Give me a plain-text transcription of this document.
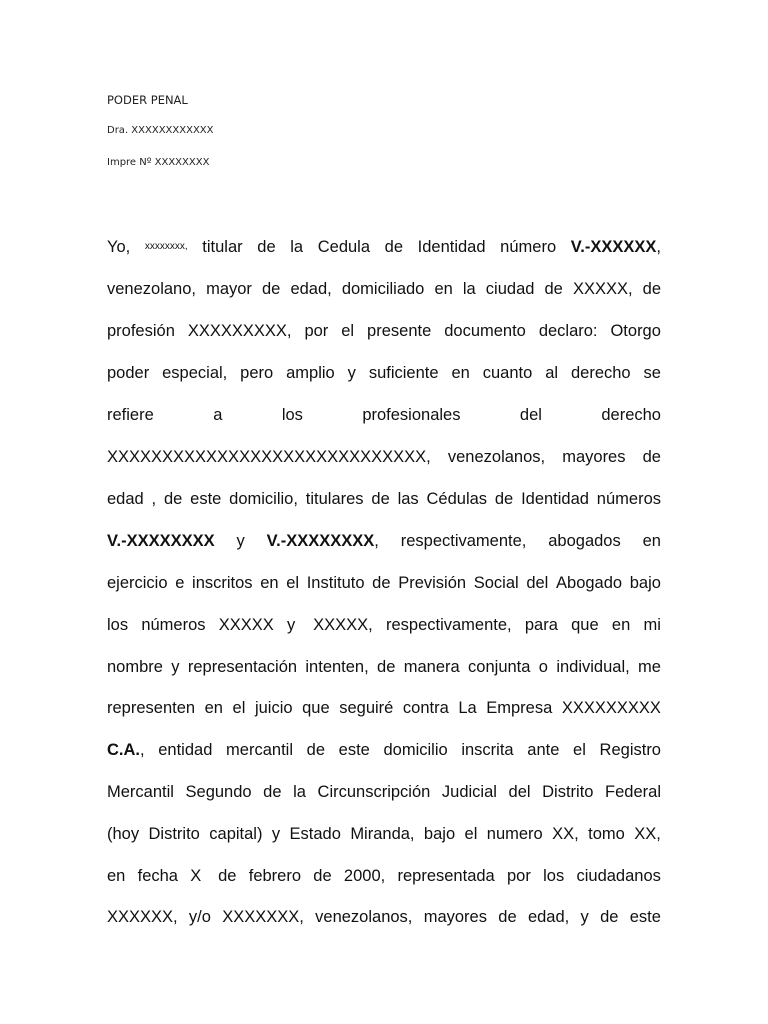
PODER PENAL
Dra. XXXXXXXXXXXX
Impre Nº XXXXXXXX
Yo, xxxxxxxx, titular de la Cedula de Identidad número V.-XXXXXX,
venezolano, mayor de edad, domiciliado en la ciudad de XXXXX, de
profesión XXXXXXXXX, por el presente documento declaro: Otorgo
poder especial, pero amplio y suficiente en cuanto al derecho se
refiere	a	los	profesionales	del	derecho
XXXXXXXXXXXXXXXXXXXXXXXXXXXXX, venezolanos, mayores de
edad , de este domicilio, titulares de las Cédulas de Identidad números
V.-XXXXXXXX y V.-XXXXXXXX, respectivamente, abogados en
ejercicio e inscritos en el Instituto de Previsión Social del Abogado bajo
los números XXXXX y XXXXX, respectivamente, para que en mi
nombre y representación intenten, de manera conjunta o individual, me
representen en el juicio que seguiré contra La Empresa XXXXXXXXX
C.A., entidad mercantil de este domicilio inscrita ante el Registro
Mercantil Segundo de la Circunscripción Judicial del Distrito Federal
(hoy Distrito capital) y Estado Miranda, bajo el numero XX, tomo XX,
en fecha X de febrero de 2000, representada por los ciudadanos
XXXXXX, y/o XXXXXXX, venezolanos, mayores de edad, y de este
